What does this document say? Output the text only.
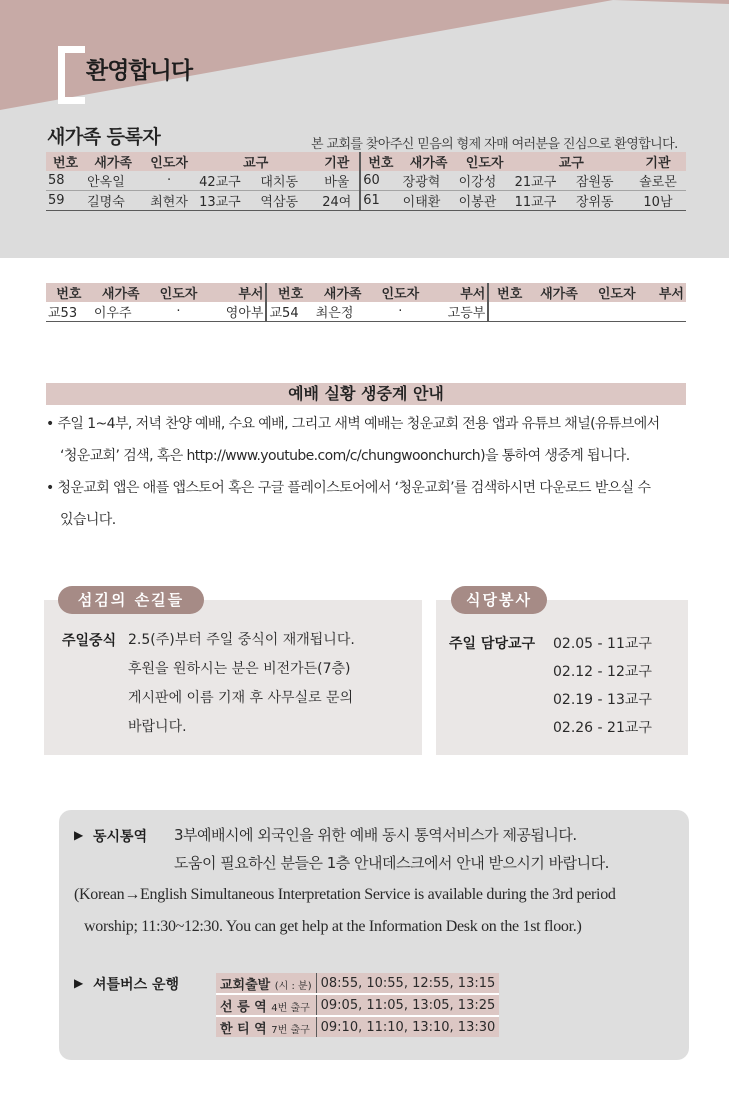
환영합니다
새가족 등록자	본 교회를 찾아주신 믿음의 형제 자매 여러분을 진심으로 환영합니다.
번호	새가족	인도자	교구		기관	번호	새가족	인도자	교구		기관
58	안옥일	·	42교구	대치동	바울	60	장광혁	이강성	21교구	잠원동	솔로몬
59	길명숙	최현자	13교구	역삼동	24여	61	이태환	이봉관	11교구	장위동	10남
번호	새가족	인도자	부서	번호	새가족	인도자	부서	번호	새가족	인도자	부서
교53	이우주	·	영아부	교54	최은정	·	고등부				
예배 실황 생중계 안내

• 주일 1~4부, 저녁 찬양 예배, 수요 예배, 그리고 새벽 예배는 청운교회 전용 앱과 유튜브 채널(유튜브에서

‘청운교회’ 검색, 혹은 http://www.youtube.com/c/chungwoonchurch)을 통하여 생중계 됩니다.

• 청운교회 앱은 애플 앱스토어 혹은 구글 플레이스토어에서 ‘청운교회’를 검색하시면 다운로드 받으실 수

있습니다.

섬김의 손길들	식당봉사
주일중식 2.5(주)부터 주일 중식이 재개됩니다.

후원을 원하시는 분은 비전가든(7층)

게시판에 이름 기재 후 사무실로 문의

바랍니다.

주일 담당교구 02.05 - 11교구
02.12 - 12교구
02.19 - 13교구
02.26 - 21교구
▶ 동시통역 3부예배시에 외국인을 위한 예배 동시 통역서비스가 제공됩니다.
도움이 필요하신 분들은 1층 안내데스크에서 안내 받으시기 바랍니다.

(Korean→English Simultaneous Interpretation Service is available during the 3rd period

worship; 11:30~12:30. You can get help at the Information Desk on the 1st floor.)

▶ 셔틀버스 운행	교회출발 (시 : 분)	08:55, 10:55, 12:55, 13:15
선 릉 역 4번 출구	09:05, 11:05, 13:05, 13:25
한 티 역 7번 출구	09:10, 11:10, 13:10, 13:30
